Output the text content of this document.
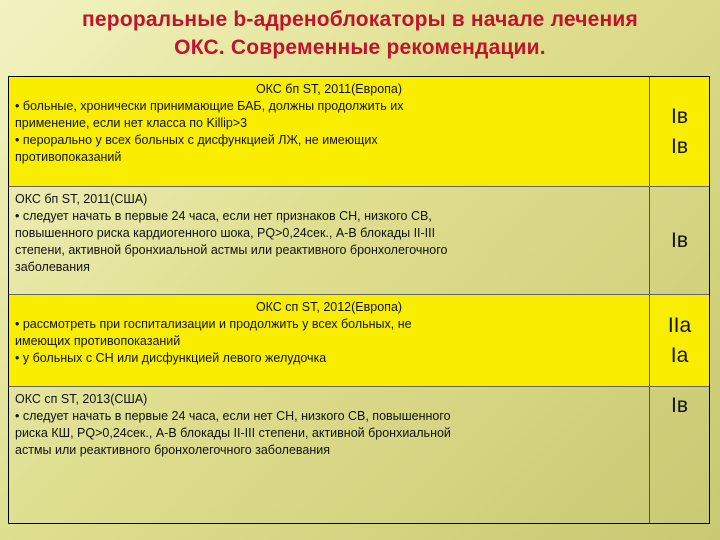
пероральные b-адреноблокаторы в начале лечения
ОКС. Современные рекомендации.

ОКС бп ST, 2011(Европа)

• больные, хронически принимающие БАБ, должны продолжить их

применение, если нет класса по Killip>3

• перорально у всех больных с дисфункцией ЛЖ, не имеющих

противопоказаний

Iв
Iв

ОКС бп ST, 2011(США)

• следует начать в первые 24 часа, если нет признаков СН, низкого СВ,

повышенного риска кардиогенного шока, PQ>0,24сек., А-В блокады II-III

степени, активной бронхиальной астмы или реактивного бронхолегочного

заболевания

Iв

ОКС сп ST, 2012(Европа)

• рассмотреть при госпитализации и продолжить у всех больных, не

имеющих противопоказаний

• у больных с СН или дисфункцией левого желудочка

IIa
Ia

ОКС сп ST, 2013(США)

• следует начать в первые 24 часа, если нет СН, низкого СВ, повышенного

риска КШ, PQ>0,24сек., А-В блокады II-III степени, активной бронхиальной

астмы или реактивного бронхолегочного заболевания

Iв
